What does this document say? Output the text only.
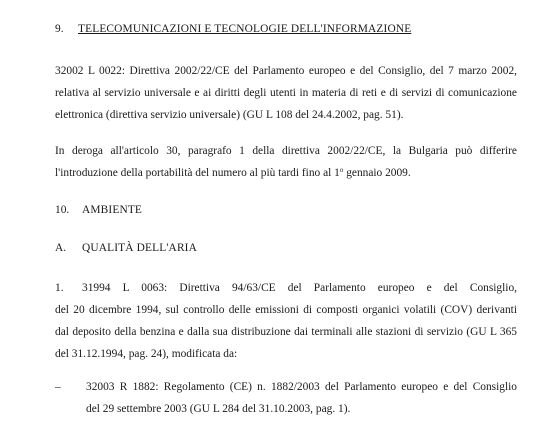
9. TELECOMUNICAZIONI E TECNOLOGIE DELL'INFORMAZIONE
32002 L 0022: Direttiva 2002/22/CE del Parlamento europeo e del Consiglio, del 7 marzo 2002,
relativa al servizio universale e ai diritti degli utenti in materia di reti e di servizi di comunicazione
elettronica (direttiva servizio universale) (GU L 108 del 24.4.2002, pag. 51).
In deroga all'articolo 30, paragrafo 1 della direttiva 2002/22/CE, la Bulgaria può differire
l'introduzione della portabilità del numero al più tardi fino al 1$^o$ gennaio 2009.
10. AMBIENTE
A. QUALITÀ DELL'ARIA
1. 31994 L 0063: Direttiva 94/63/CE del Parlamento europeo e del Consiglio,
del 20 dicembre 1994, sul controllo delle emissioni di composti organici volatili (COV) derivanti
dal deposito della benzina e dalla sua distribuzione dai terminali alle stazioni di servizio (GU L 365
del 31.12.1994, pag. 24), modificata da:
– 32003 R 1882: Regolamento (CE) n. 1882/2003 del Parlamento europeo e del Consiglio
del 29 settembre 2003 (GU L 284 del 31.10.2003, pag. 1).
